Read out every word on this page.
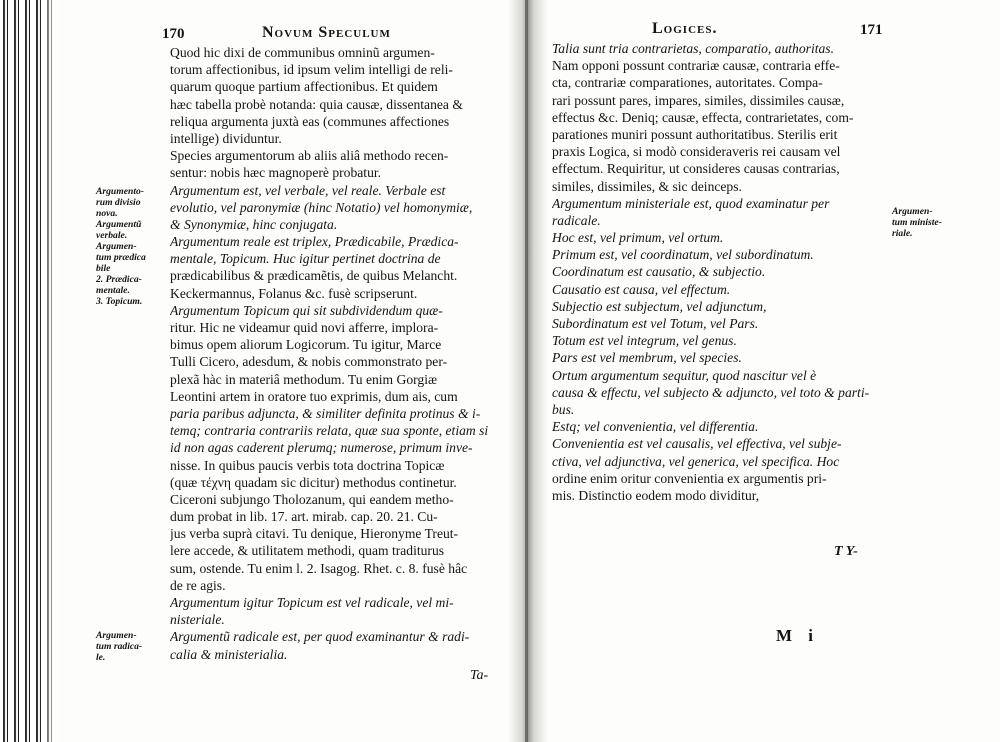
170	Novum Speculum
Quod hic dixi de communibus omninũ argumen-
torum affectionibus, id ipsum velim intelligi de reli-
quarum quoque partium affectionibus. Et quidem
hæc tabella probè notanda: quia causæ, dissentanea &
reliqua argumenta juxtà eas (communes affectiones
intellige) dividuntur.
Species argumentorum ab aliis aliâ methodo recen-
sentur: nobis hæc magnoperè probatur.
Argumentum est, vel verbale, vel reale. Verbale est
evolutio, vel paronymiæ (hinc Notatio) vel homonymiæ,
& Synonymiæ, hinc conjugata.
Argumentum reale est triplex, Prædicabile, Prædica-
mentale, Topicum. Huc igitur pertinet doctrina de
prædicabilibus & prædicamẽtis, de quibus Melancht.
Keckermannus, Folanus &c. fusè scripserunt.
Argumentum Topicum qui sit subdividendum quæ-
ritur. Hic ne videamur quid novi afferre, implora-
bimus opem aliorum Logicorum. Tu igitur, Marce
Tulli Cicero, adesdum, & nobis commonstrato per-
plexã hàc in materiâ methodum. Tu enim Gorgiæ
Leontini artem in oratore tuo exprimis, dum ais, cum
paria paribus adjuncta, & similiter definita protinus & i-
temq; contraria contrariis relata, quæ sua sponte, etiam si
id non agas caderent plerumq; numerose, primum inve-
nisse. In quibus paucis verbis tota doctrina Topicæ
(quæ τέχνη quadam sic dicitur) methodus continetur.
Ciceroni subjungo Tholozanum, qui eandem metho-
dum probat in lib. 17. art. mirab. cap. 20. 21. Cu-
jus verba suprà citavi. Tu denique, Hieronyme Treut-
lere accede, & utilitatem methodi, quam traditurus
sum, ostende. Tu enim l. 2. Isagog. Rhet. c. 8. fusè hâc
de re agis.
Argumentum igitur Topicum est vel radicale, vel mi-
nisteriale.
Argumentũ radicale est, per quod examinantur & radi-
calia & ministerialia.
Argumento-
rum divisio
nova.
Argumentũ
verbale.
Argumen-
tum prædica
bile
2. Prædica-
mentale.
3. Topicum.
Argumen-
tum radica-
le.
Ta-
Logices.	171
Talia sunt tria contrarietas, comparatio, authoritas.
Nam opponi possunt contrariæ causæ, contraria effe-
cta, contrariæ comparationes, autoritates. Compa-
rari possunt pares, impares, similes, dissimiles causæ,
effectus &c. Deniq; causæ, effecta, contrarietates, com-
parationes muniri possunt authoritatibus. Sterilis erit
praxis Logica, si modò consideraveris rei causam vel
effectum. Requiritur, ut consideres causas contrarias,
similes, dissimiles, & sic deinceps.
Argumentum ministeriale est, quod examinatur per
radicale.
Hoc est, vel primum, vel ortum.
Primum est, vel coordinatum, vel subordinatum.
Coordinatum est causatio, & subjectio.
Causatio est causa, vel effectum.
Subjectio est subjectum, vel adjunctum,
Subordinatum est vel Totum, vel Pars.
Totum est vel integrum, vel genus.
Pars est vel membrum, vel species.
Ortum argumentum sequitur, quod nascitur vel è
causa & effectu, vel subjecto & adjuncto, vel toto & parti-
bus.
Estq; vel convenientia, vel differentia.
Convenientia est vel causalis, vel effectiva, vel subje-
ctiva, vel adjunctiva, vel generica, vel specifica. Hoc
ordine enim oritur convenientia ex argumentis pri-
mis. Distinctio eodem modo dividitur,
Argumen-
tum ministe-
riale.
T Y-
M i
